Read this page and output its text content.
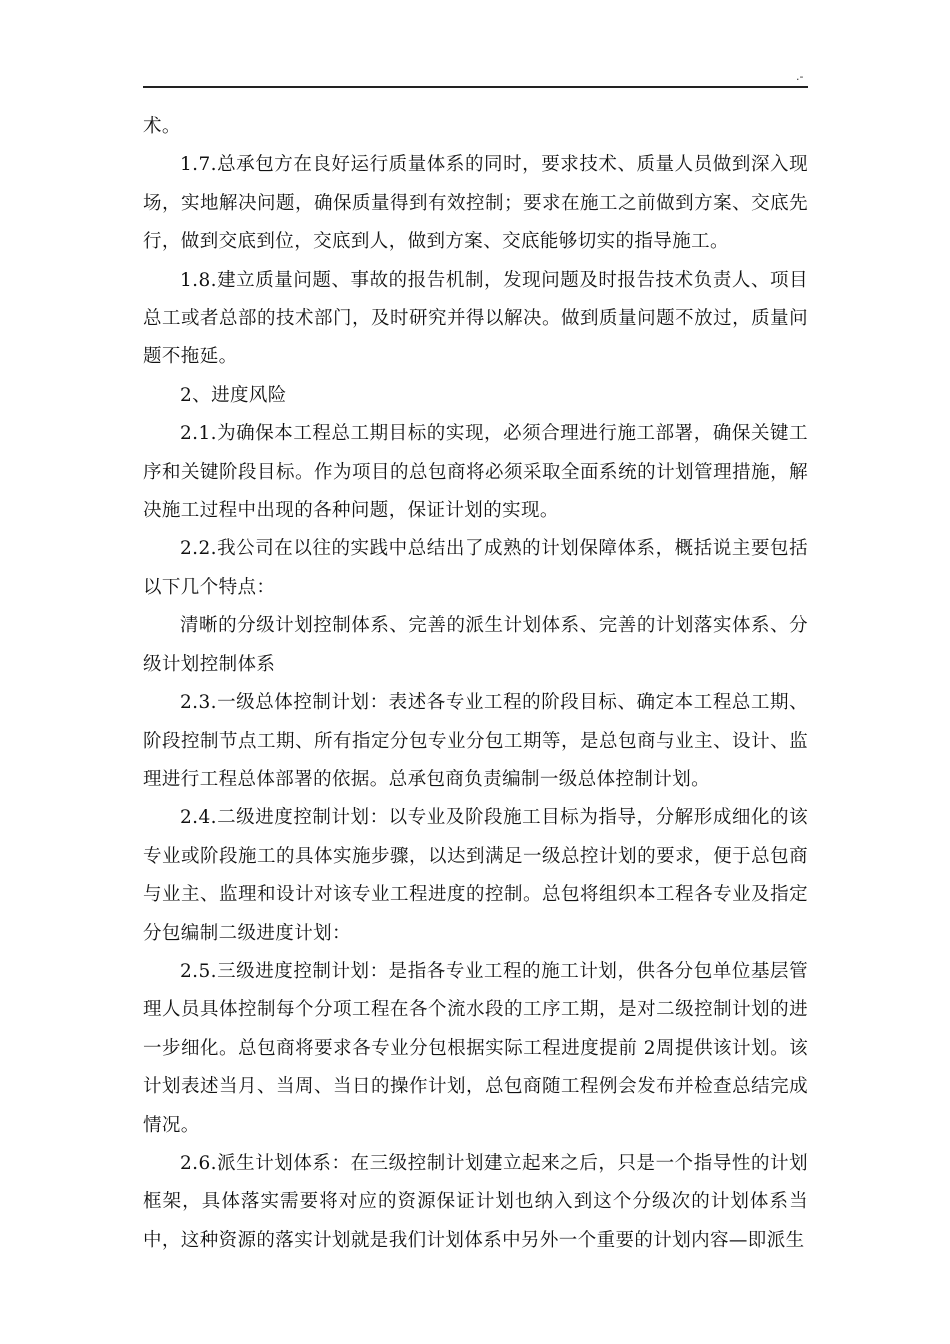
.-

术。

1.7.总承包方在良好运行质量体系的同时，要求技术、质量人员做到深入现场，实地解决问题，确保质量得到有效控制；要求在施工之前做到方案、交底先行，做到交底到位，交底到人，做到方案、交底能够切实的指导施工。

1.8.建立质量问题、事故的报告机制，发现问题及时报告技术负责人、项目总工或者总部的技术部门，及时研究并得以解决。做到质量问题不放过，质量问题不拖延。

2、进度风险

2.1.为确保本工程总工期目标的实现，必须合理进行施工部署，确保关键工序和关键阶段目标。作为项目的总包商将必须采取全面系统的计划管理措施，解决施工过程中出现的各种问题，保证计划的实现。

2.2.我公司在以往的实践中总结出了成熟的计划保障体系，概括说主要包括以下几个特点：

清晰的分级计划控制体系、完善的派生计划体系、完善的计划落实体系、分级计划控制体系

2.3.一级总体控制计划：表述各专业工程的阶段目标、确定本工程总工期、阶段控制节点工期、所有指定分包专业分包工期等，是总包商与业主、设计、监理进行工程总体部署的依据。总承包商负责编制一级总体控制计划。

2.4.二级进度控制计划：以专业及阶段施工目标为指导，分解形成细化的该专业或阶段施工的具体实施步骤，以达到满足一级总控计划的要求，便于总包商与业主、监理和设计对该专业工程进度的控制。总包将组织本工程各专业及指定分包编制二级进度计划：

2.5.三级进度控制计划：是指各专业工程的施工计划，供各分包单位基层管理人员具体控制每个分项工程在各个流水段的工序工期，是对二级控制计划的进一步细化。总包商将要求各专业分包根据实际工程进度提前 2周提供该计划。该计划表述当月、当周、当日的操作计划，总包商随工程例会发布并检查总结完成情况。

2.6.派生计划体系：在三级控制计划建立起来之后，只是一个指导性的计划框架，具体落实需要将对应的资源保证计划也纳入到这个分级次的计划体系当中，这种资源的落实计划就是我们计划体系中另外一个重要的计划内容—即派生
